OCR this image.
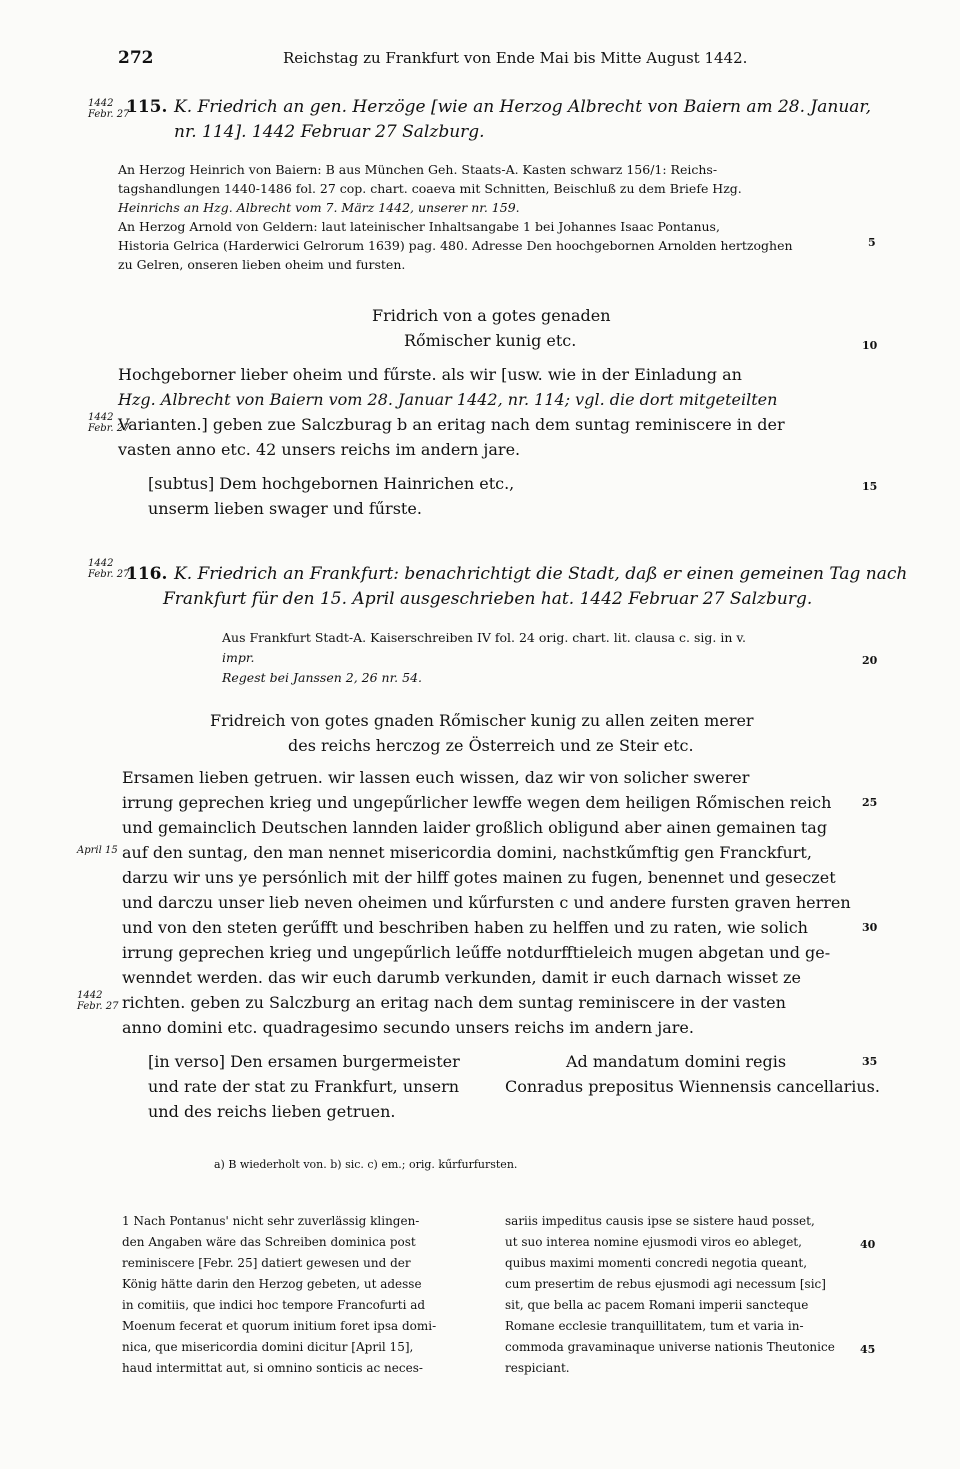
272	Reichstag zu Frankfurt von Ende Mai bis Mitte August 1442.
1442
Febr. 27
115. K. Friedrich an gen. Herzöge [wie an Herzog Albrecht von Baiern am 28. Januar,
nr. 114]. 1442 Februar 27 Salzburg.
An Herzog Heinrich von Baiern: B aus München Geh. Staats-A. Kasten schwarz 156/1: Reichs-
tagshandlungen 1440-1486 fol. 27 cop. chart. coaeva mit Schnitten, Beischluß zu dem Briefe Hzg.
Heinrichs an Hzg. Albrecht vom 7. März 1442, unserer nr. 159.
An Herzog Arnold von Geldern: laut lateinischer Inhaltsangabe 1 bei Johannes Isaac Pontanus,
Historia Gelrica (Harderwici Gelrorum 1639) pag. 480. Adresse Den hoochgebornen Arnolden hertzoghen
zu Gelren, onseren lieben oheim und fursten.
Fridrich von a gotes genaden
Rőmischer kunig etc.
Hochgeborner lieber oheim und fűrste. als wir [usw. wie in der Einladung an
Hzg. Albrecht von Baiern vom 28. Januar 1442, nr. 114; vgl. die dort mitgeteilten
1442
Febr. 27
Varianten.] geben zue Salczburag b an eritag nach dem suntag reminiscere in der
vasten anno etc. 42 unsers reichs im andern jare.
[subtus] Dem hochgebornen Hainrichen etc.,
unserm lieben swager und fűrste.
1442
Febr. 27
116. K. Friedrich an Frankfurt: benachrichtigt die Stadt, daß er einen gemeinen Tag nach
Frankfurt für den 15. April ausgeschrieben hat. 1442 Februar 27 Salzburg.
Aus Frankfurt Stadt-A. Kaiserschreiben IV fol. 24 orig. chart. lit. clausa c. sig. in v.
impr.
Regest bei Janssen 2, 26 nr. 54.
Fridreich von gotes gnaden Rőmischer kunig zu allen zeiten merer
des reichs herczog ze Österreich und ze Steir etc.
Ersamen lieben getruen. wir lassen euch wissen, daz wir von solicher swerer
irrung geprechen krieg und ungepűrlicher lewffe wegen dem heiligen Rőmischen reich
und gemainclich Deutschen lannden laider großlich obligund aber ainen gemainen tag
April 15 auf den suntag, den man nennet misericordia domini, nachstkűmftig gen Franckfurt,
darzu wir uns ye persónlich mit der hilff gotes mainen zu fugen, benennet und geseczet
und darczu unser lieb neven oheimen und kűrfursten c und andere fursten graven herren
und von den steten gerűfft und beschriben haben zu helffen und zu raten, wie solich
irrung geprechen krieg und ungepűrlich leűffe notdurfftieleich mugen abgetan und ge-
wenndet werden. das wir euch darumb verkunden, damit ir euch darnach wisset ze
1442
Febr. 27 richten. geben zu Salczburg an eritag nach dem suntag reminiscere in der vasten
anno domini etc. quadragesimo secundo unsers reichs im andern jare.
[in verso] Den ersamen burgermeister
und rate der stat zu Frankfurt, unsern
und des reichs lieben getruen.
Ad mandatum domini regis
Conradus prepositus Wiennensis cancellarius.
a) B wiederholt von. b) sic. c) em.; orig. kűrfurfursten.
1 Nach Pontanus' nicht sehr zuverlässig klingen-
den Angaben wäre das Schreiben dominica post
reminiscere [Febr. 25] datiert gewesen und der
König hätte darin den Herzog gebeten, ut adesse
in comitiis, que indici hoc tempore Francofurti ad
Moenum fecerat et quorum initium foret ipsa domi-
nica, que misericordia domini dicitur [April 15],
haud intermittat aut, si omnino sonticis ac neces-
sariis impeditus causis ipse se sistere haud posset,
ut suo interea nomine ejusmodi viros eo ableget,
quibus maximi momenti concredi negotia queant,
cum presertim de rebus ejusmodi agi necessum [sic]
sit, que bella ac pacem Romani imperii sancteque
Romane ecclesie tranquillitatem, tum et varia in-
commoda gravaminaque universe nationis Theutonice
respiciant.
5
10
15
20
25
30
35
40
45
